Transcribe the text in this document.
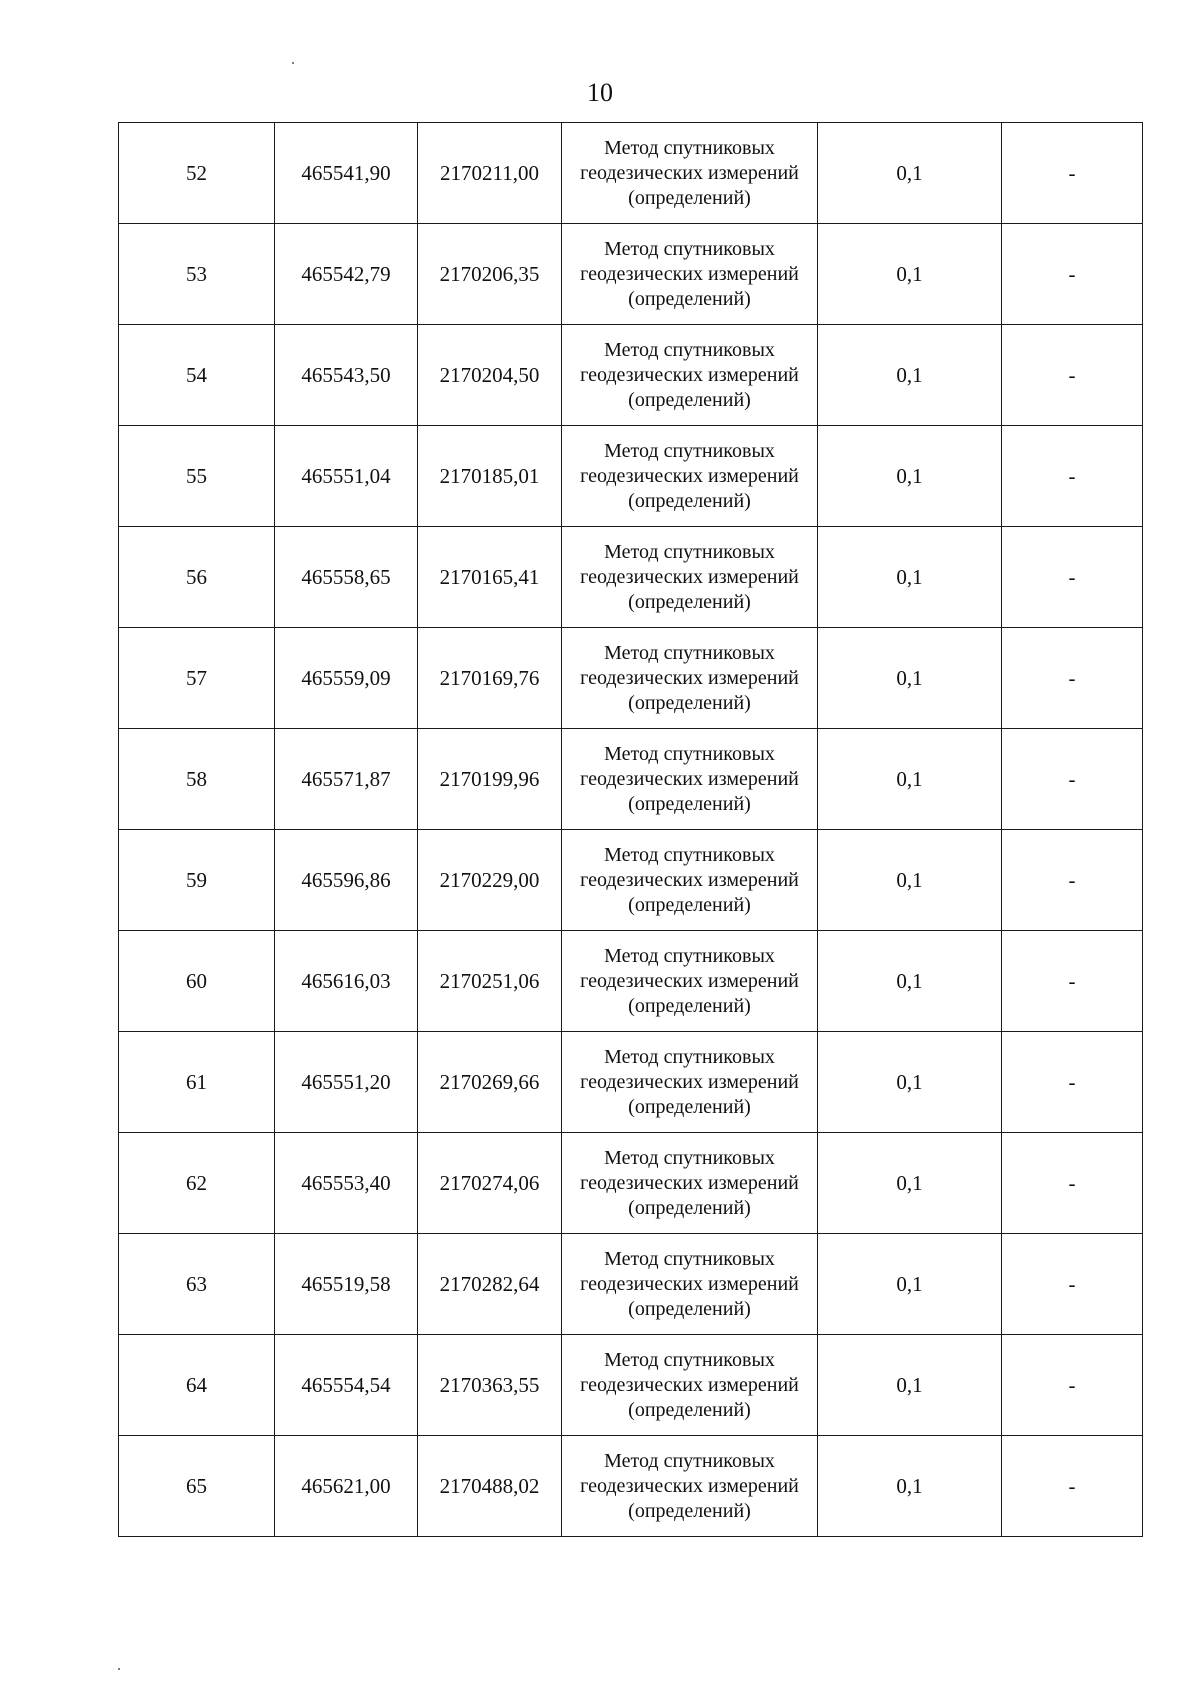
10
52	465541,90	2170211,00	Метод спутниковых геодезических измерений (определений)	0,1	-
53	465542,79	2170206,35	Метод спутниковых геодезических измерений (определений)	0,1	-
54	465543,50	2170204,50	Метод спутниковых геодезических измерений (определений)	0,1	-
55	465551,04	2170185,01	Метод спутниковых геодезических измерений (определений)	0,1	-
56	465558,65	2170165,41	Метод спутниковых геодезических измерений (определений)	0,1	-
57	465559,09	2170169,76	Метод спутниковых геодезических измерений (определений)	0,1	-
58	465571,87	2170199,96	Метод спутниковых геодезических измерений (определений)	0,1	-
59	465596,86	2170229,00	Метод спутниковых геодезических измерений (определений)	0,1	-
60	465616,03	2170251,06	Метод спутниковых геодезических измерений (определений)	0,1	-
61	465551,20	2170269,66	Метод спутниковых геодезических измерений (определений)	0,1	-
62	465553,40	2170274,06	Метод спутниковых геодезических измерений (определений)	0,1	-
63	465519,58	2170282,64	Метод спутниковых геодезических измерений (определений)	0,1	-
64	465554,54	2170363,55	Метод спутниковых геодезических измерений (определений)	0,1	-
65	465621,00	2170488,02	Метод спутниковых геодезических измерений (определений)	0,1	-
